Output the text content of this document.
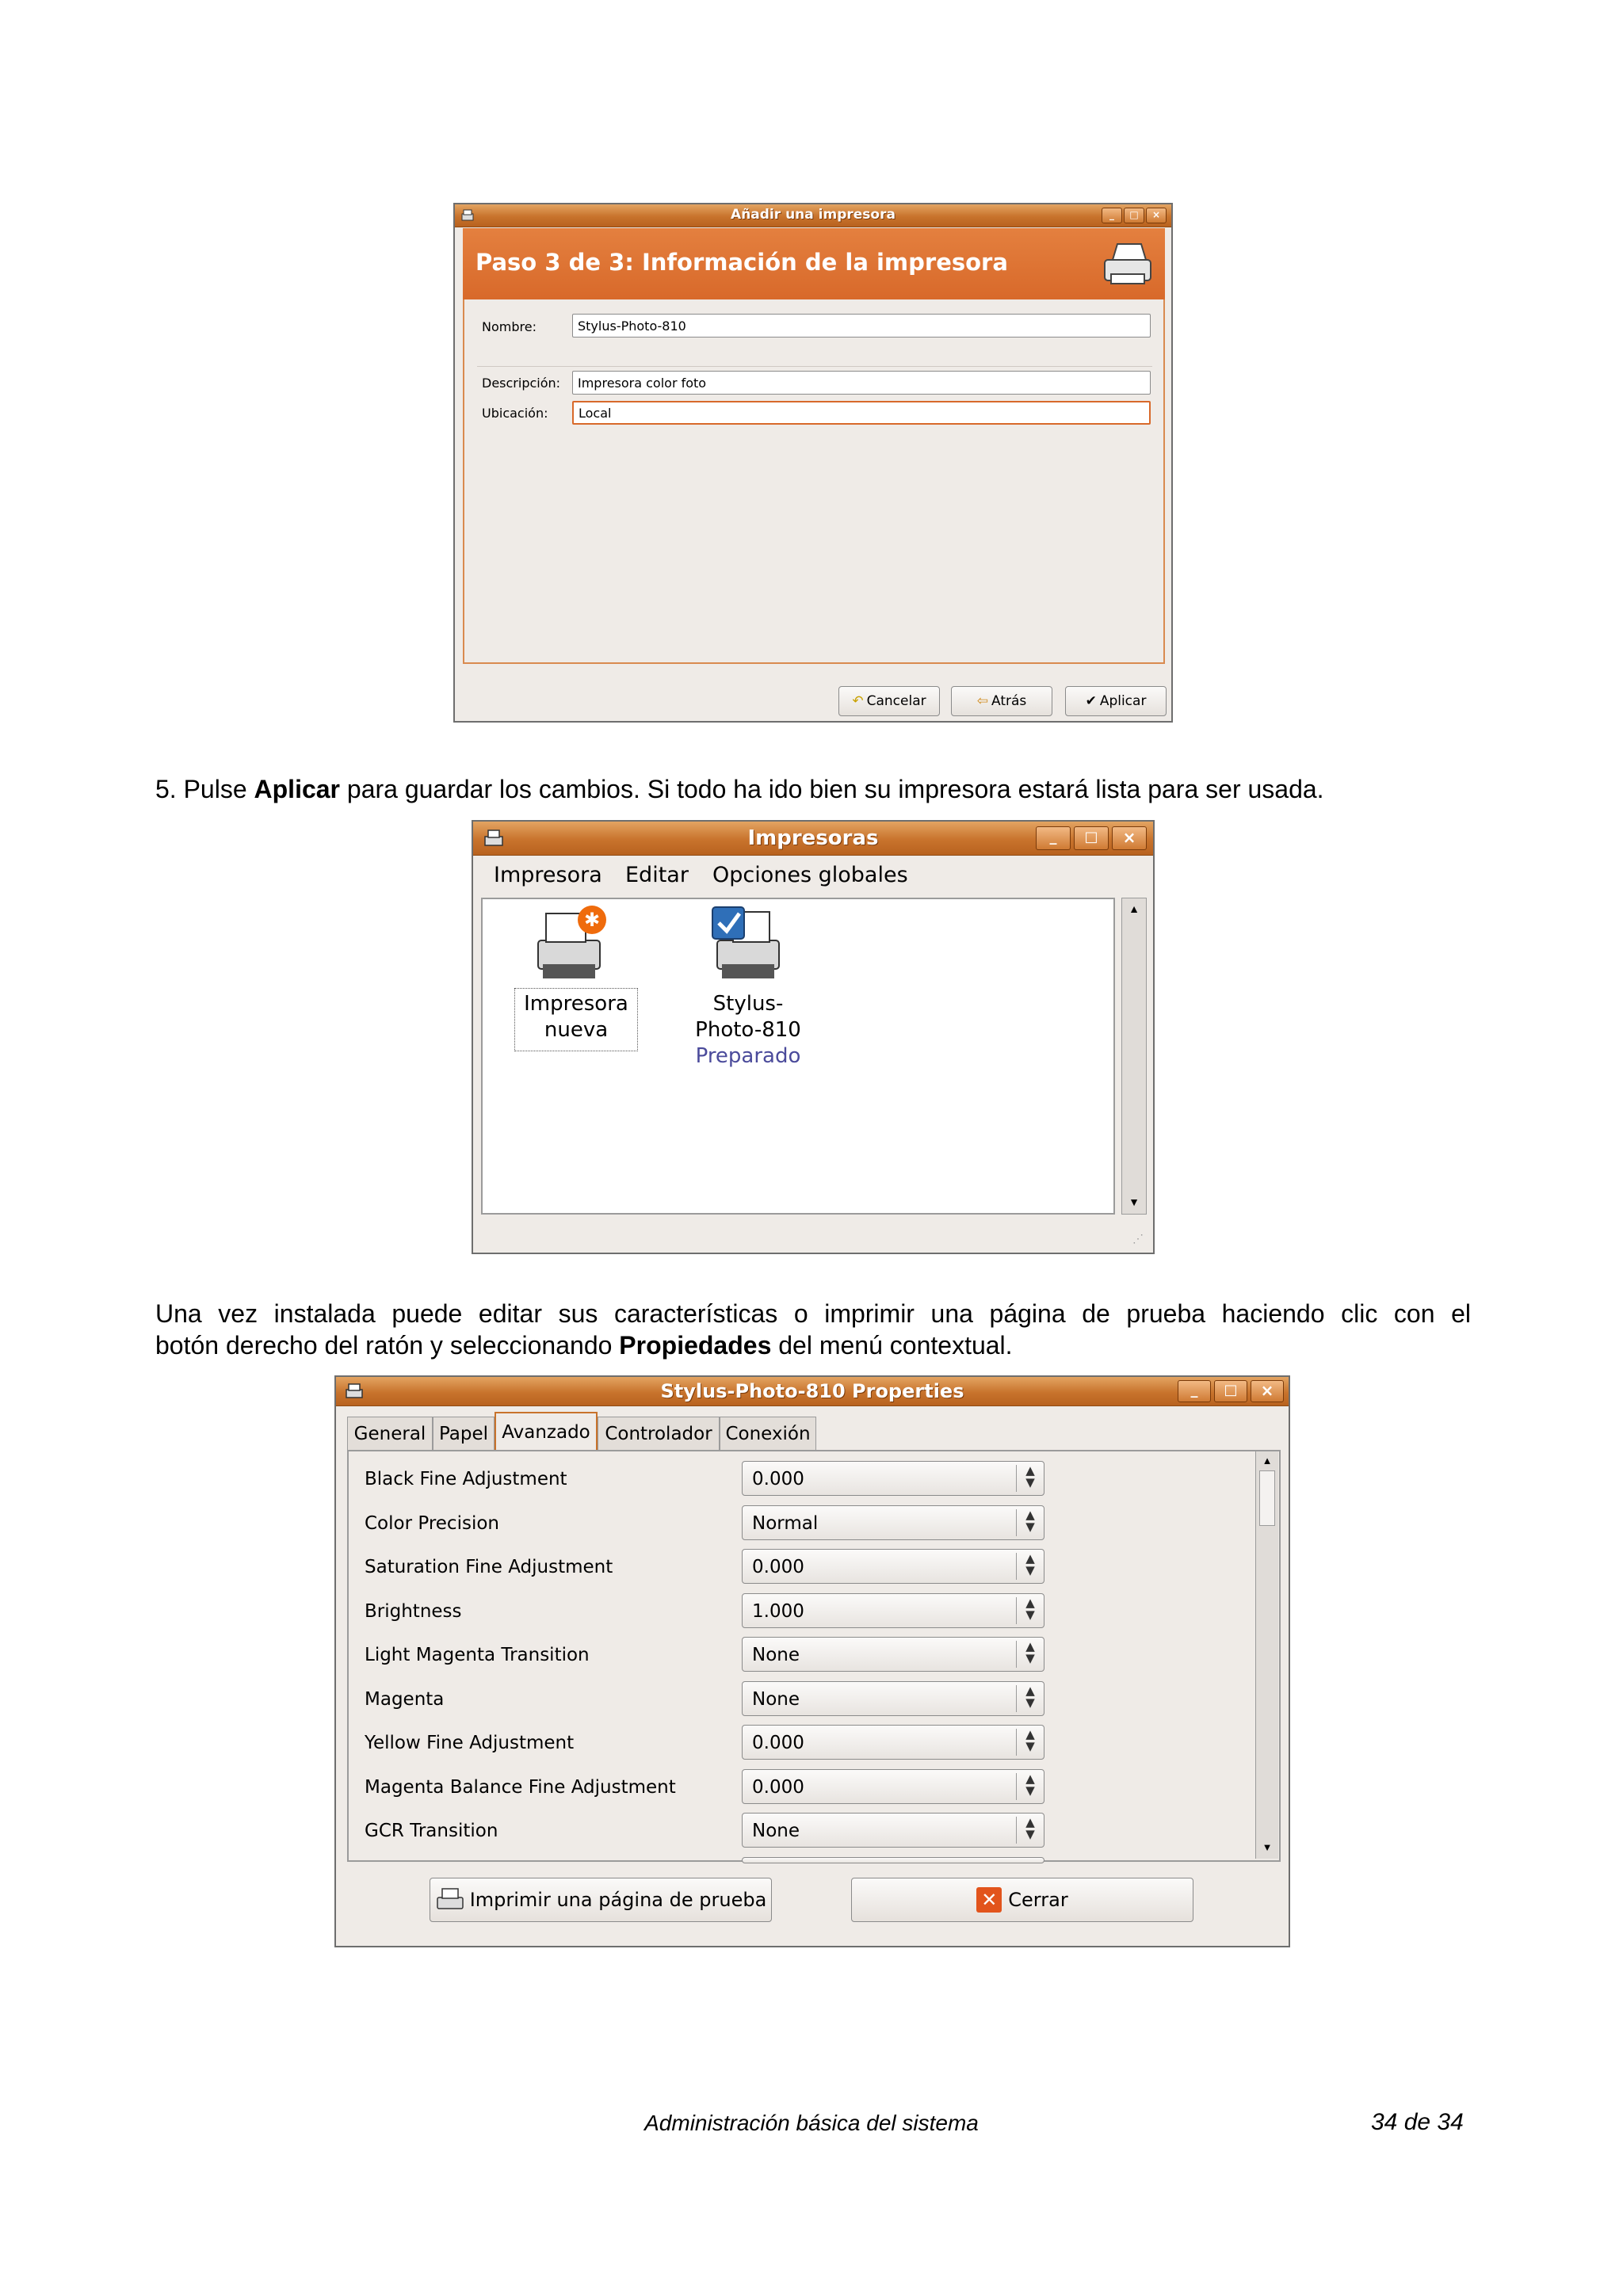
Añadir una impresora	_	□	×
Paso 3 de 3: Información de la impresora
Nombre:	Stylus-Photo-810
Descripción:	Impresora color foto
Ubicación:	Local
↶ Cancelar	⇦ Atrás	✔ Aplicar
5. Pulse Aplicar para guardar los cambios. Si todo ha ido bien su impresora estará lista para ser usada.
Impresoras	_	□	×
Impresora Editar Opciones globales
✱
Impresora
nueva
Stylus-
Photo-810
Preparado
▲
▼
⋰
Una vez instalada puede editar sus características o imprimir una página de prueba haciendo clic con el
botón derecho del ratón y seleccionando Propiedades del menú contextual.
Stylus-Photo-810 Properties	_	□	×
General Papel Avanzado Controlador Conexión
Black Fine Adjustment	0.000	▲
▼
Color Precision	Normal	▲
▼
Saturation Fine Adjustment	0.000	▲
▼
Brightness	1.000	▲
▼
Light Magenta Transition	None	▲
▼
Magenta	None	▲
▼
Yellow Fine Adjustment	0.000	▲
▼
Magenta Balance Fine Adjustment	0.000	▲
▼
GCR Transition	None	▲
▼
▲
▼
Imprimir una página de prueba	✕ Cerrar
Administración básica del sistema	34 de 34
